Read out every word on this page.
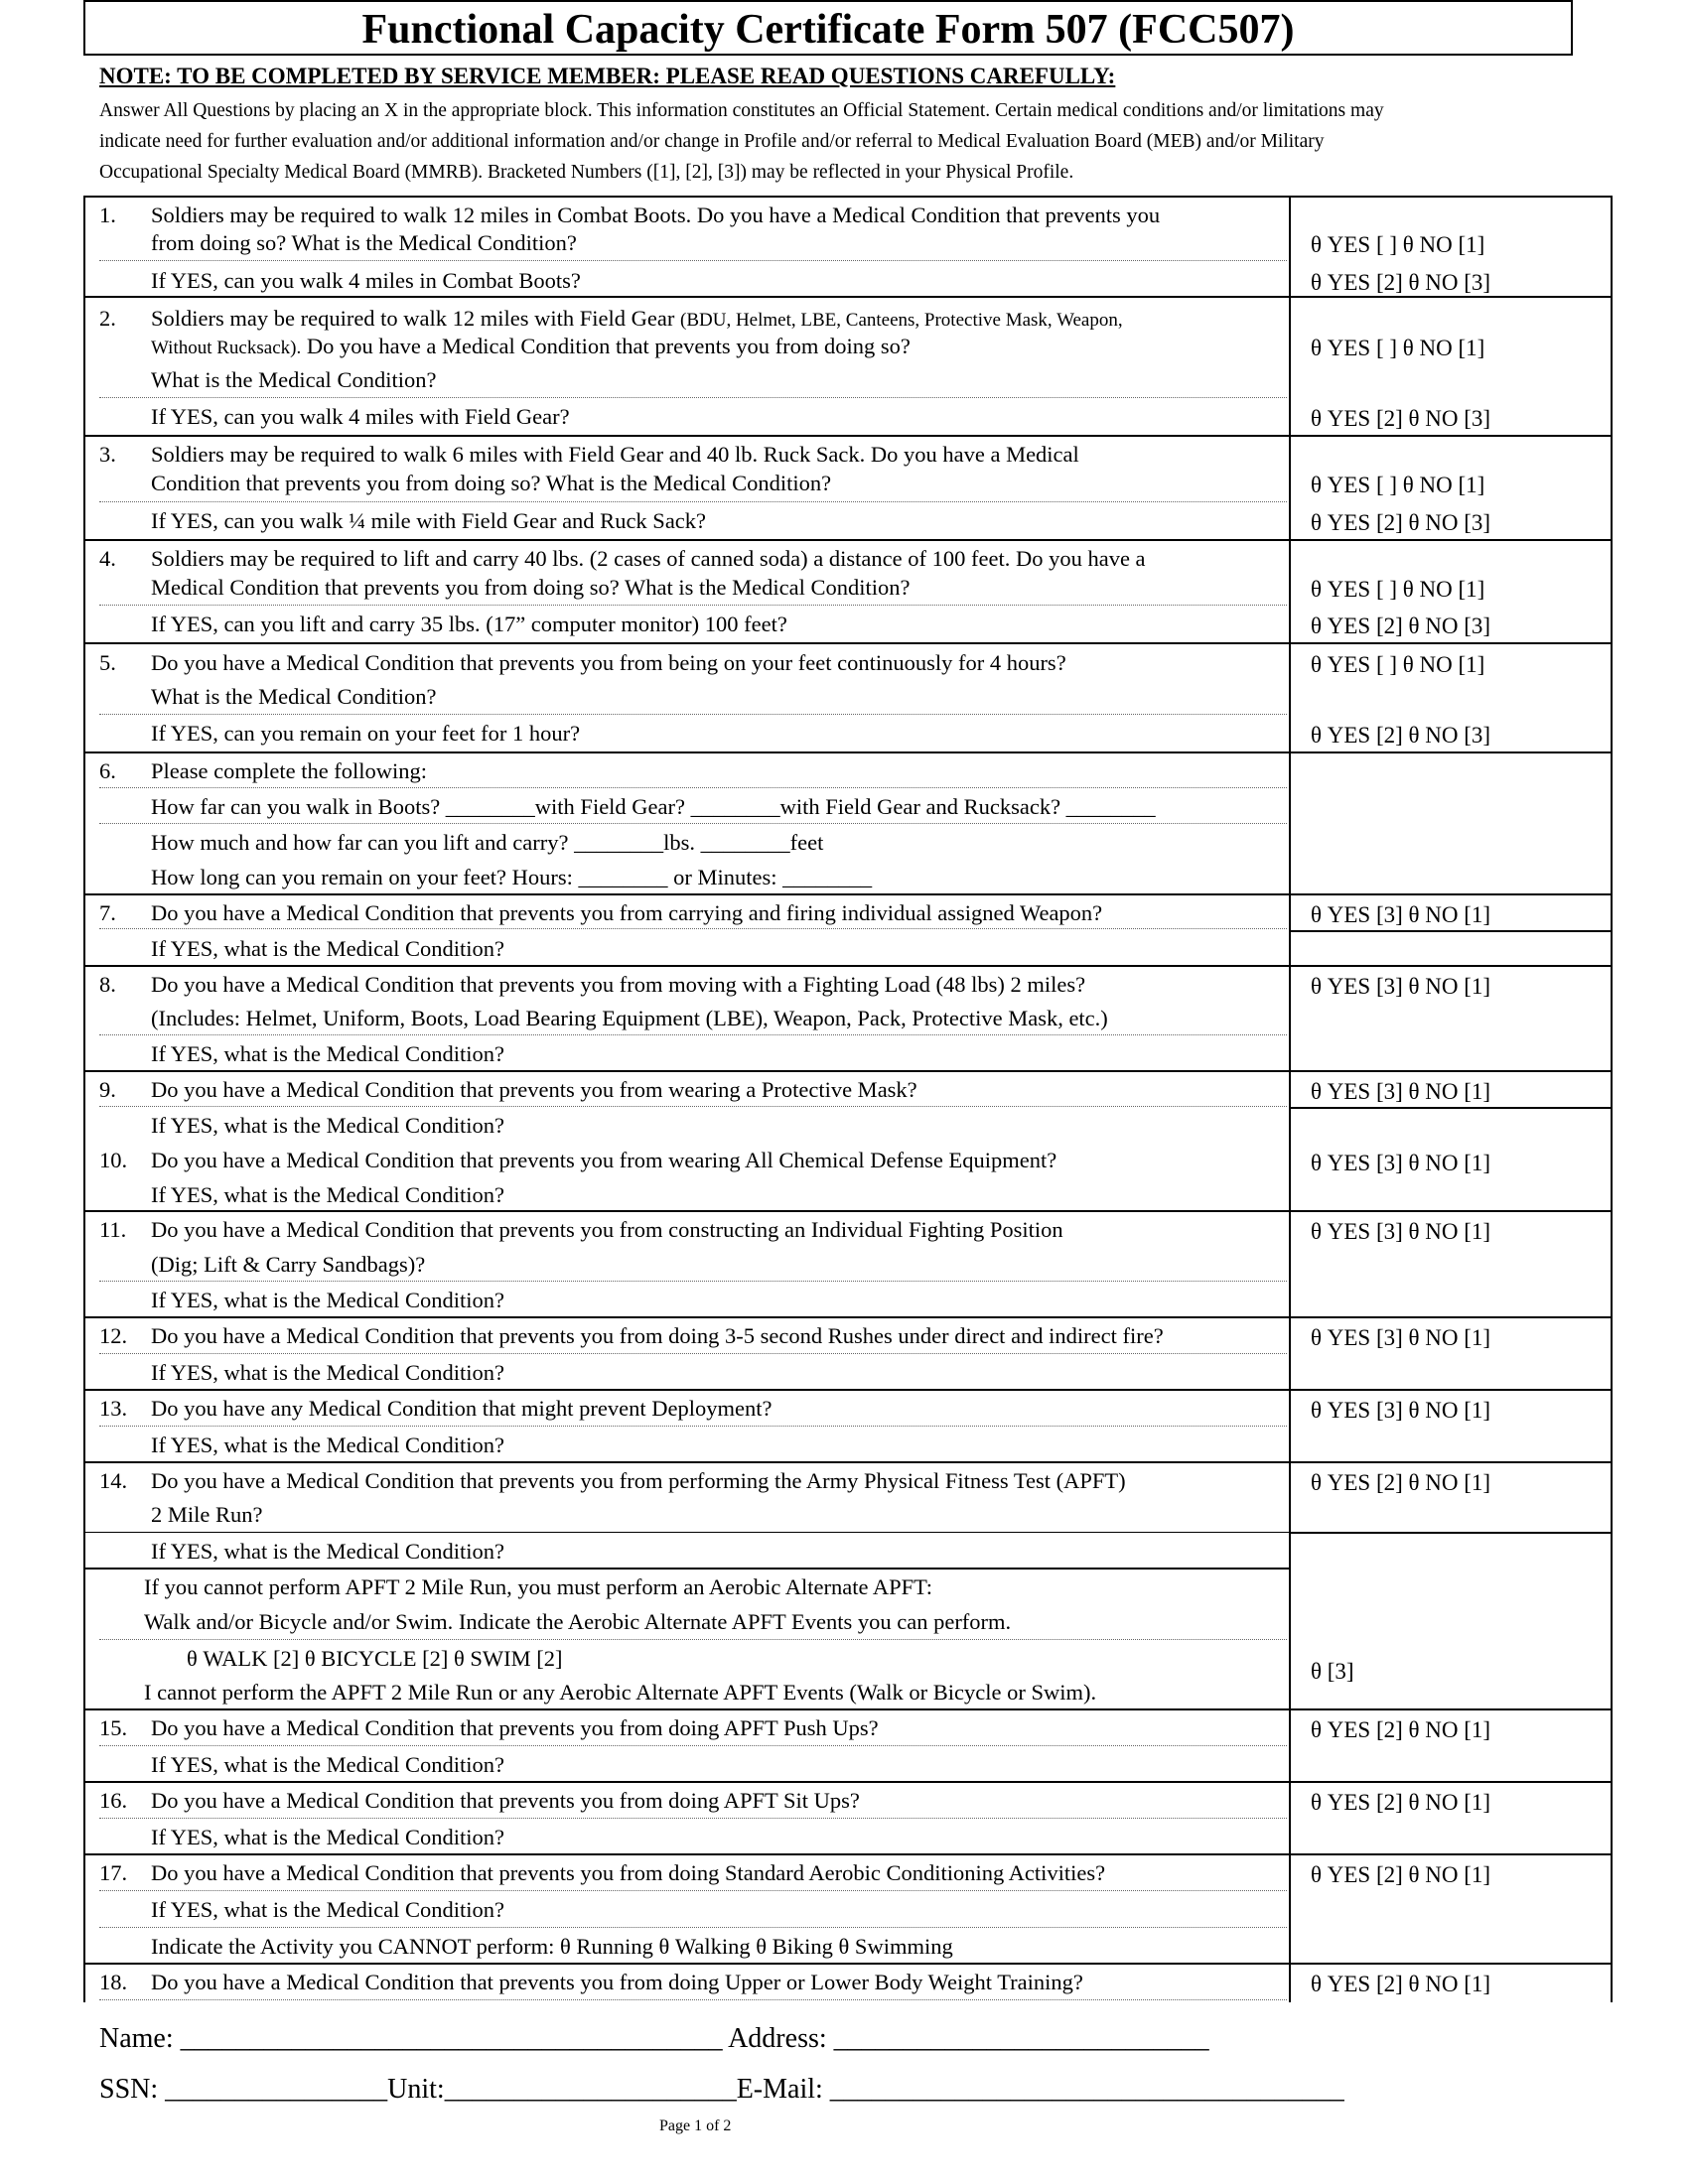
Functional Capacity Certificate Form 507 (FCC507)
NOTE: TO BE COMPLETED BY SERVICE MEMBER: PLEASE READ QUESTIONS CAREFULLY:
Answer All Questions by placing an X in the appropriate block. This information constitutes an Official Statement. Certain medical conditions and/or limitations may
indicate need for further evaluation and/or additional information and/or change in Profile and/or referral to Medical Evaluation Board (MEB) and/or Military
Occupational Specialty Medical Board (MMRB). Bracketed Numbers ([1], [2], [3]) may be reflected in your Physical Profile.
1. Soldiers may be required to walk 12 miles in Combat Boots. Do you have a Medical Condition that prevents you
from doing so? What is the Medical Condition?
If YES, can you walk 4 miles in Combat Boots?
θ YES [ ] θ NO [1]
θ YES [2] θ NO [3]
2. Soldiers may be required to walk 12 miles with Field Gear (BDU, Helmet, LBE, Canteens, Protective Mask, Weapon,
Without Rucksack). Do you have a Medical Condition that prevents you from doing so?
What is the Medical Condition?
If YES, can you walk 4 miles with Field Gear?
θ YES [ ] θ NO [1]
θ YES [2] θ NO [3]
3. Soldiers may be required to walk 6 miles with Field Gear and 40 lb. Ruck Sack. Do you have a Medical
Condition that prevents you from doing so? What is the Medical Condition?
If YES, can you walk ¼ mile with Field Gear and Ruck Sack?
θ YES [ ] θ NO [1]
θ YES [2] θ NO [3]
4. Soldiers may be required to lift and carry 40 lbs. (2 cases of canned soda) a distance of 100 feet. Do you have a
Medical Condition that prevents you from doing so? What is the Medical Condition?
If YES, can you lift and carry 35 lbs. (17” computer monitor) 100 feet?
θ YES [ ] θ NO [1]
θ YES [2] θ NO [3]
5. Do you have a Medical Condition that prevents you from being on your feet continuously for 4 hours?
What is the Medical Condition?
If YES, can you remain on your feet for 1 hour?
θ YES [ ] θ NO [1]
θ YES [2] θ NO [3]
6. Please complete the following:
How far can you walk in Boots? ________with Field Gear? ________with Field Gear and Rucksack? ________
How much and how far can you lift and carry? ________lbs. ________feet
How long can you remain on your feet? Hours: ________ or Minutes: ________
7. Do you have a Medical Condition that prevents you from carrying and firing individual assigned Weapon?
If YES, what is the Medical Condition?
θ YES [3] θ NO [1]
8. Do you have a Medical Condition that prevents you from moving with a Fighting Load (48 lbs) 2 miles?
(Includes: Helmet, Uniform, Boots, Load Bearing Equipment (LBE), Weapon, Pack, Protective Mask, etc.)
If YES, what is the Medical Condition?
θ YES [3] θ NO [1]
9. Do you have a Medical Condition that prevents you from wearing a Protective Mask?
If YES, what is the Medical Condition?
θ YES [3] θ NO [1]
10. Do you have a Medical Condition that prevents you from wearing All Chemical Defense Equipment?
If YES, what is the Medical Condition?
θ YES [3] θ NO [1]
11. Do you have a Medical Condition that prevents you from constructing an Individual Fighting Position
(Dig; Lift & Carry Sandbags)?
If YES, what is the Medical Condition?
θ YES [3] θ NO [1]
12. Do you have a Medical Condition that prevents you from doing 3-5 second Rushes under direct and indirect fire?
If YES, what is the Medical Condition?
θ YES [3] θ NO [1]
13. Do you have any Medical Condition that might prevent Deployment?
If YES, what is the Medical Condition?
θ YES [3] θ NO [1]
14. Do you have a Medical Condition that prevents you from performing the Army Physical Fitness Test (APFT)
2 Mile Run?
If YES, what is the Medical Condition?
If you cannot perform APFT 2 Mile Run, you must perform an Aerobic Alternate APFT:
Walk and/or Bicycle and/or Swim. Indicate the Aerobic Alternate APFT Events you can perform.
θ WALK [2] θ BICYCLE [2] θ SWIM [2]
I cannot perform the APFT 2 Mile Run or any Aerobic Alternate APFT Events (Walk or Bicycle or Swim).
θ YES [2] θ NO [1]
θ [3]
15. Do you have a Medical Condition that prevents you from doing APFT Push Ups?
If YES, what is the Medical Condition?
θ YES [2] θ NO [1]
16. Do you have a Medical Condition that prevents you from doing APFT Sit Ups?
If YES, what is the Medical Condition?
θ YES [2] θ NO [1]
17. Do you have a Medical Condition that prevents you from doing Standard Aerobic Conditioning Activities?
If YES, what is the Medical Condition?
Indicate the Activity you CANNOT perform: θ Running θ Walking θ Biking θ Swimming
θ YES [2] θ NO [1]
18. Do you have a Medical Condition that prevents you from doing Upper or Lower Body Weight Training?	θ YES [2] θ NO [1]
Name: _______________________________________ Address: ___________________________
SSN: ________________Unit:_____________________E-Mail: _____________________________________
Page 1 of 2
